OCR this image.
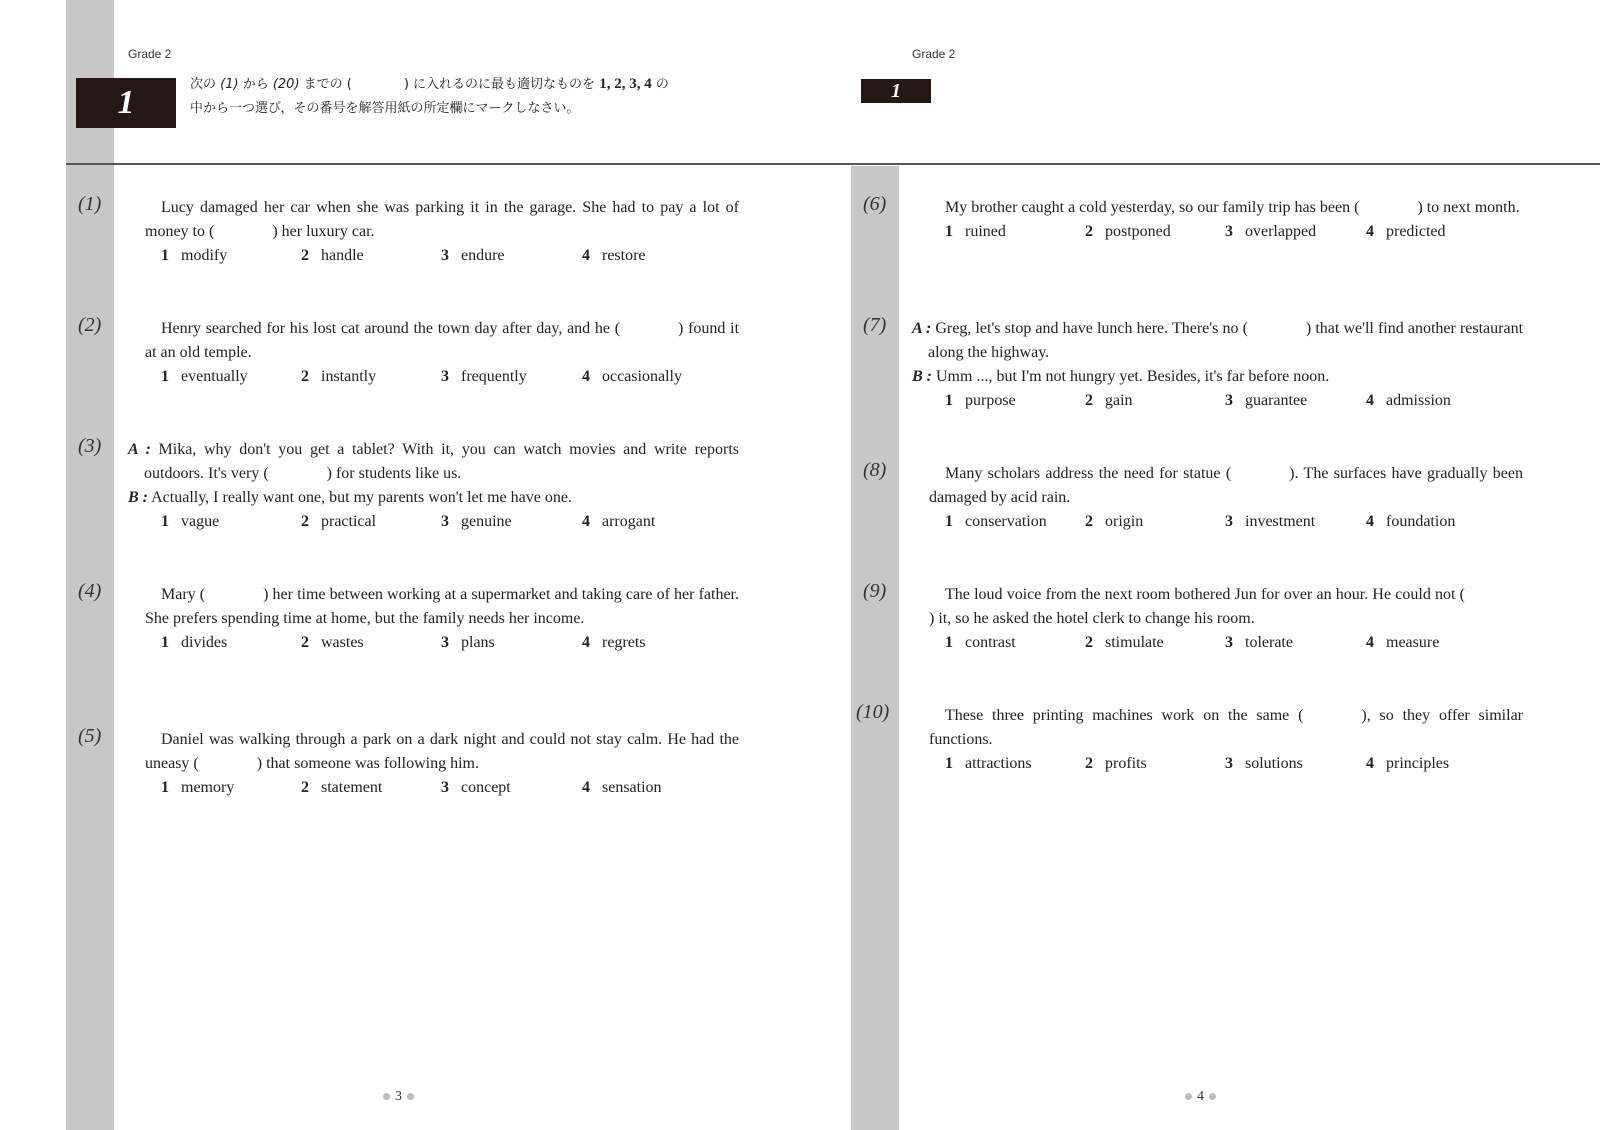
Grade 2
1	次の (1) から (20) までの (　　　　) に入れるのに最も適切なものを 1, 2, 3, 4 の
中から一つ選び，その番号を解答用紙の所定欄にマークしなさい。
(1)	Lucy damaged her car when she was parking it in the garage. She had to pay a lot of money to (	) her luxury car.

1 modify	2 handle	3 endure	4 restore
(2)	Henry searched for his lost cat around the town day after day, and he (	) found it at an old temple.

1 eventually	2 instantly	3 frequently	4 occasionally
(3) A : Mika, why don't you get a tablet? With it, you can watch movies and write reports outdoors. It's very (	) for students like us.
B : Actually, I really want one, but my parents won't let me have one.
1 vague	2 practical	3 genuine	4 arrogant
(4)	Mary (	) her time between working at a supermarket and taking care of her father. She prefers spending time at home, but the family needs her income.

1 divides	2 wastes	3 plans	4 regrets
(5)	Daniel was walking through a park on a dark night and could not stay calm. He had the uneasy (	) that someone was following him.

1 memory	2 statement	3 concept	4 sensation
3
Grade 2
1
(6)	My brother caught a cold yesterday, so our family trip has been (	) to next month.

1 ruined	2 postponed	3 overlapped	4 predicted
(7) A : Greg, let's stop and have lunch here. There's no (	) that we'll find another restaurant along the highway.
B : Umm ..., but I'm not hungry yet. Besides, it's far before noon.
1 purpose	2 gain	3 guarantee	4 admission
(8)	Many scholars address the need for statue (	). The surfaces have gradually been damaged by acid rain.

1 conservation 2 origin	3 investment	4 foundation
(9)	The loud voice from the next room bothered Jun for over an hour. He could not () it, so he asked the hotel clerk to change his room.

1 contrast	2 stimulate	3 tolerate	4 measure
(10)	These three printing machines work on the same (	), so they offer similar functions.

1 attractions	2 profits	3 solutions	4 principles
4
